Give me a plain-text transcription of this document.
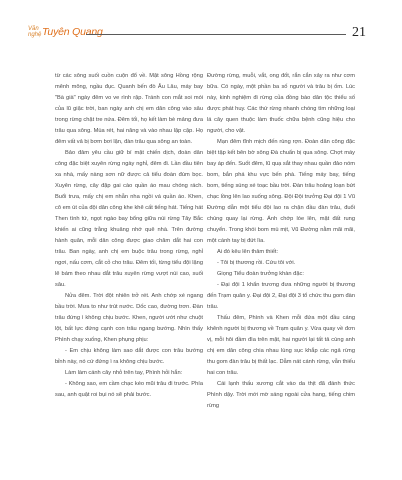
Văn
nghệ Tuyên Quang	21

từ các sông suối cuồn cuộn đổ về. Mặt sông Hồng rộng mênh mông, ngầu đục. Quanh bến đò Âu Lâu, máy bay "Bà già" ngày đêm vo ve rình rập. Tránh con mắt soi mói của lũ giặc trời, ban ngày anh chị em dân công vào sâu trong rừng chặt tre nứa. Đêm tối, họ kết làm bè mảng đưa trâu qua sông. Mùa rét, hai năng và vào nhau lập cập. Họ đêm vất vả bị bơm bơi lặn, đàn trâu qua sông an toàn.

Bảo đảm yêu cầu giữ bí mật chiến dịch, đoàn dân công đặc biệt xuyên rừng ngày nghỉ, đêm đi. Lần đầu tiên xa nhà, mấy nàng sơn nữ được cả tiểu đoàn đùm bọc. Xuyên rừng, cây đặp gai cào quần áo mau chóng rách. Buổi trưa, mấy chị em nhẫn nha ngồi vá quần áo. Khen, cô em út của đội dân công khe khẽ cất tiếng hát. Tiếng hát Then tình tứ, ngọt ngào bay bổng giữa núi rừng Tây Bắc khiến ai cũng trằng khuâng nhớ quê nhà. Trên đường hành quân, mỗi dân công được giao chăm dắt hai con trâu. Ban ngày, anh chị em buộc trâu trong rừng, nghỉ ngơi, nấu cơm, cắt cỏ cho trâu. Đêm tối, từng tiểu đội lặng lẽ bám theo nhau dắt trâu xuyên rừng vượt núi cao, suối sâu.

Nửa đêm. Trời đột nhiên trở rét. Anh chớp xé ngang bầu trời. Mưa to như trút nước. Dốc cao, đường trơn. Đàn trâu đứng ì không chịu bước. Khen, người ướt như chuột lột, bất lực đứng cạnh con trâu ngang bướng. Nhìn thấy Phình chạy xuống, Khen phụng phịu:

- Em chịu không làm sao dắt được con trâu bướng bỉnh này, nó cứ đứng ì ra không chịu bước.

Làm làm cánh cây nhỏ trên tay, Phình hỏi hắn:

- Không sao, em cầm chạc kéo mũi trâu đi trước. Phía sau, anh quật roi bụi nó sẽ phải bước.

Đường rừng, muỗi, vắt, ong đốt, rắn cắn xảy ra như cơm bữa. Có ngày, một phần ba số người và trâu bị ốm. Lúc này, kinh nghiệm đi rừng của đồng bào dân tộc thiểu số được phát huy. Các thứ rừng nhanh chóng tìm những loại lá cây quen thuộc làm thuốc chữa bệnh cũng hiệu cho người, cho vật.

Mạn đêm tĩnh mịch đến rùng rợn. Đoàn dân công đặc biệt tập kết bên bờ sông Đà chuẩn bị qua sông. Chợt máy bay áp đến. Suốt đêm, lũ quạ sắt thay nhau quần đảo nóm bom, bắn phá khu vực bến phà. Tiếng máy bay, tiếng bom, tiếng súng xé toạc bầu trời. Đàn trâu hoảng loạn bứt chạc lồng lên lao xuống sông. Đội Đội trưởng Đại đội 1 Vũ Đường dẫn một tiểu đội lao ra chặn đầu đàn trâu, đuổi chúng quay lại rừng. Ánh chớp lóe lên, mặt đất rung chuyển. Trong khói bom mù mịt, Vũ Đường nằm mãi mãi, một cánh tay bị đứt lìa.

Ai đó kêu lên thảm thiết:

- Tôi bị thương rồi. Cứu tôi với.

Giọng Tiểu đoàn trưởng khàn đặc:

- Đại đội 1 khẩn trương đưa những người bị thương đến Trạm quân y. Đại đội 2, Đại đội 3 tổ chức thu gom đàn trâu.

Thấu đêm, Phình và Khen mỗi đứa một đầu cáng khênh người bị thương về Trạm quân y. Vừa quay về đơn vị, mỗi hôi đầm đìa trên mặt, hai người lại tất tả cùng anh chị em dân công chia nhau lùng sục khắp các ngả rừng thu gom đàn trâu bị thất lạc. Dẫm nát cánh rừng, vẫn thiếu hai con trâu.

Cái lạnh thấu xương cắt vào da thịt đã đánh thức Phình dậy. Trời mới mờ sáng ngoài cửa hang, tiếng chim rừng
